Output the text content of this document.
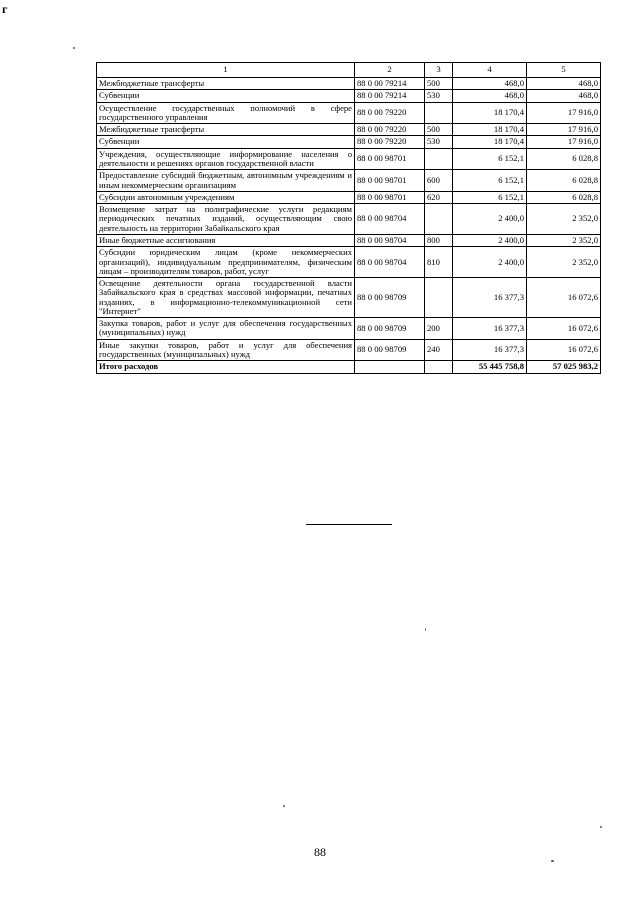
г
1	2	3	4	5
Межбюджетные трансферты	88 0 00 79214	500	468,0	468,0
Субвенции	88 0 00 79214	530	468,0	468,0
Осуществление государственных полномочий в сфере государственного управления	88 0 00 79220		18 170,4	17 916,0
Межбюджетные трансферты	88 0 00 79220	500	18 170,4	17 916,0
Субвенции	88 0 00 79220	530	18 170,4	17 916,0
Учреждения, осуществляющие информирование населения о деятельности и решениях органов государственной власти	88 0 00 98701		6 152,1	6 028,8
Предоставление субсидий бюджетным, автономным учреждениям и иным некоммерческим организациям	88 0 00 98701	600	6 152,1	6 028,8
Субсидии автономным учреждениям	88 0 00 98701	620	6 152,1	6 028,8
Возмещение затрат на полиграфические услуги редакциям периодических печатных изданий, осуществляющим свою деятельность на территории Забайкальского края	88 0 00 98704		2 400,0	2 352,0
Иные бюджетные ассигнования	88 0 00 98704	800	2 400,0	2 352,0
Субсидии юридическим лицам (кроме некоммерческих организаций), индивидуальным предпринимателям, физическим лицам – производителям товаров, работ, услуг	88 0 00 98704	810	2 400,0	2 352,0
Освещение деятельности органа государственной власти Забайкальского края в средствах массовой информации, печатных изданиях, в информационно-телекоммуникационной сети "Интернет"	88 0 00 98709		16 377,3	16 072,6
Закупка товаров, работ и услуг для обеспечения государственных (муниципальных) нужд	88 0 00 98709	200	16 377,3	16 072,6
Иные закупки товаров, работ и услуг для обеспечения государственных (муниципальных) нужд	88 0 00 98709	240	16 377,3	16 072,6
Итого расходов			55 445 758,8	57 025 983,2
88
